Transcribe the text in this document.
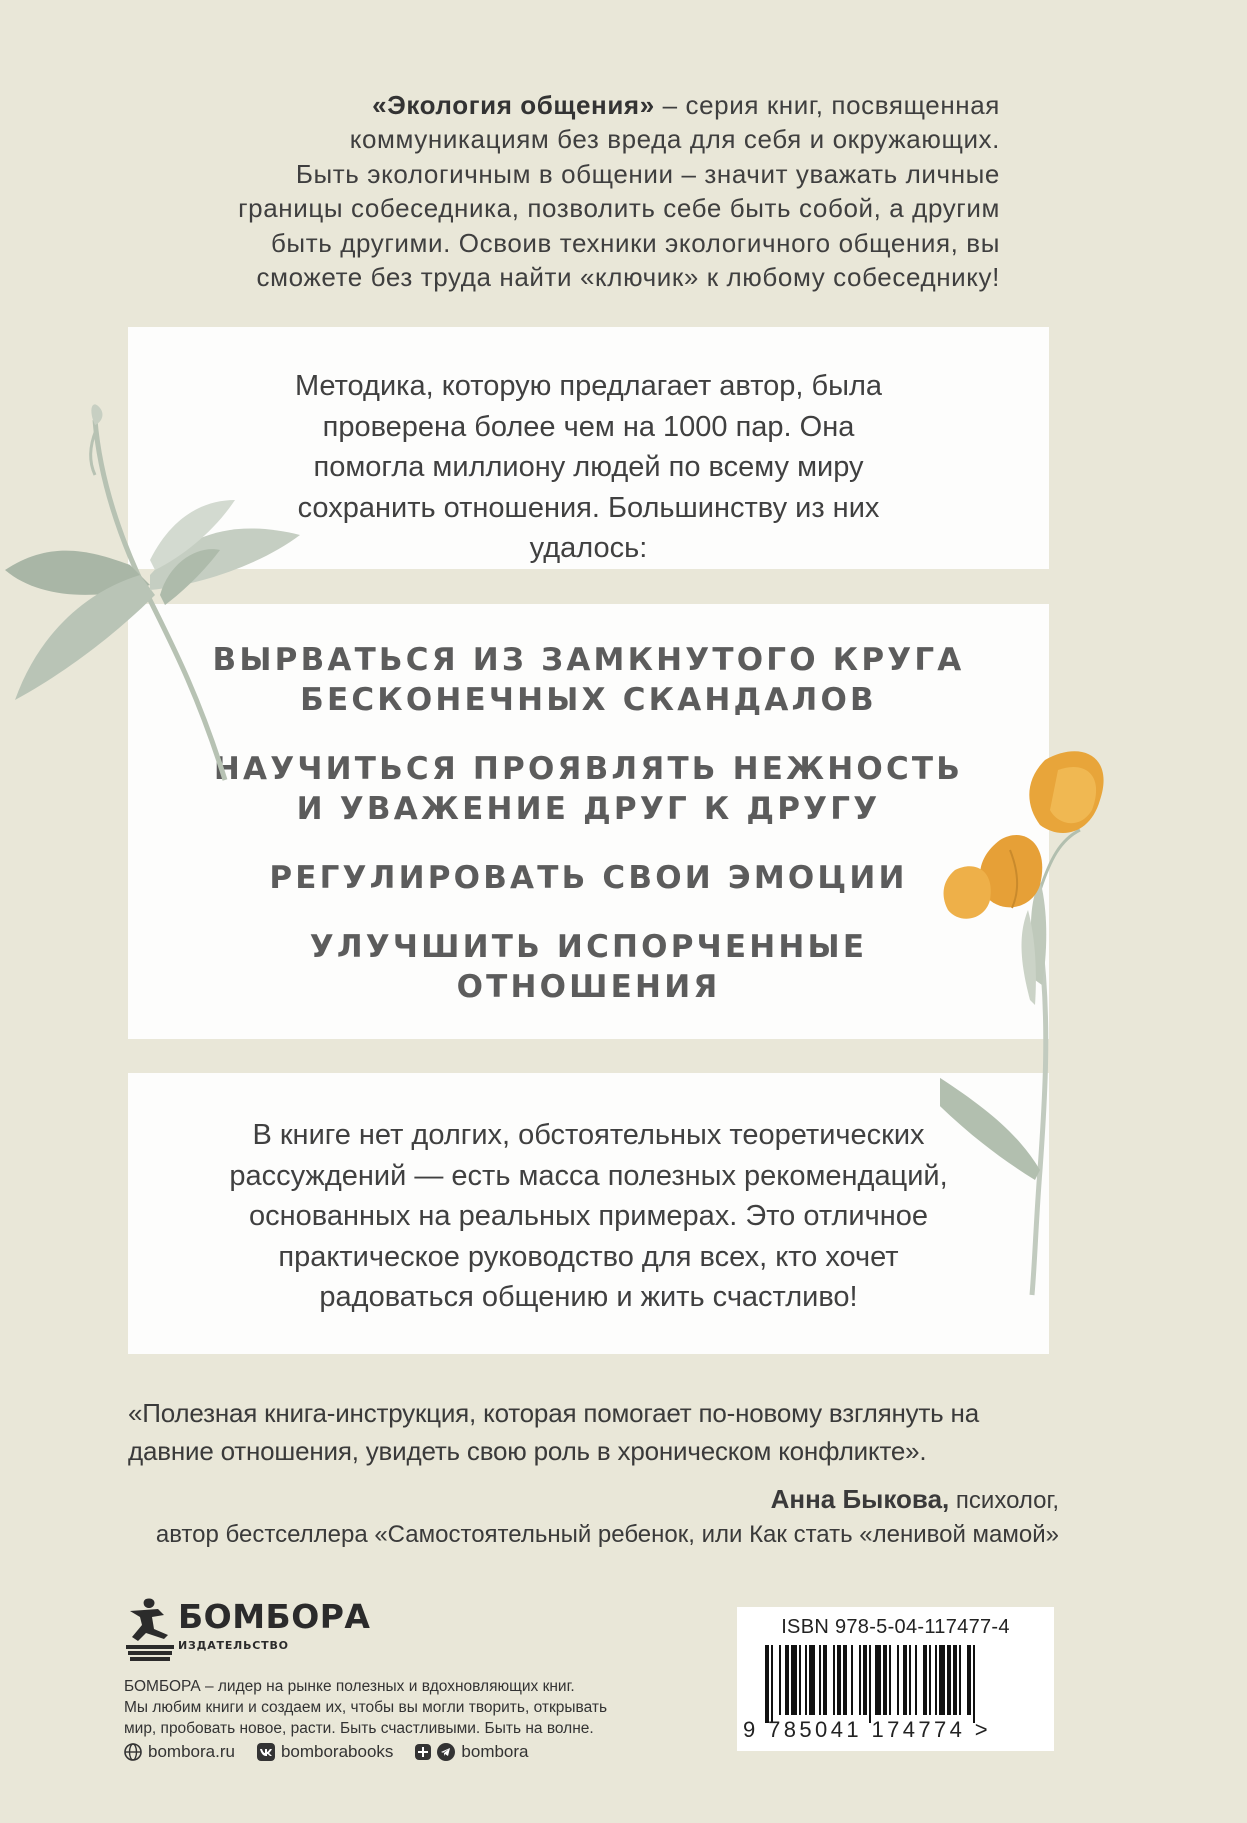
«Экология общения» – серия книг, посвященная
коммуникациям без вреда для себя и окружающих.
Быть экологичным в общении – значит уважать личные
границы собеседника, позволить себе быть собой, а другим
быть другими. Освоив техники экологичного общения, вы
сможете без труда найти «ключик» к любому собеседнику!
Методика, которую предлагает автор, была проверена более чем на 1000 пар. Она помогла миллиону людей по всему миру сохранить отношения. Большинству из них удалось:
ВЫРВАТЬСЯ ИЗ ЗАМКНУТОГО КРУГА БЕСКОНЕЧНЫХ СКАНДАЛОВ
НАУЧИТЬСЯ ПРОЯВЛЯТЬ НЕЖНОСТЬ И УВАЖЕНИЕ ДРУГ К ДРУГУ
РЕГУЛИРОВАТЬ СВОИ ЭМОЦИИ
УЛУЧШИТЬ ИСПОРЧЕННЫЕ ОТНОШЕНИЯ
В книге нет долгих, обстоятельных теоретических рассуждений — есть масса полезных рекомендаций, основанных на реальных примерах. Это отличное практическое руководство для всех, кто хочет радоваться общению и жить счастливо!
«Полезная книга-инструкция, которая помогает по-новому взглянуть на давние отношения, увидеть свою роль в хроническом конфликте».
Анна Быкова, психолог,
автор бестселлера «Самостоятельный ребенок, или Как стать «ленивой мамой»
БОМБОРА
ИЗДАТЕЛЬСТВО
БОМБОРА – лидер на рынке полезных и вдохновляющих книг.
Мы любим книги и создаем их, чтобы вы могли творить, открывать
мир, пробовать новое, расти. Быть счастливыми. Быть на волне.
bombora.ru	bomborabooks	bombora
ISBN 978-5-04-117477-4
9 785041 174774 >
